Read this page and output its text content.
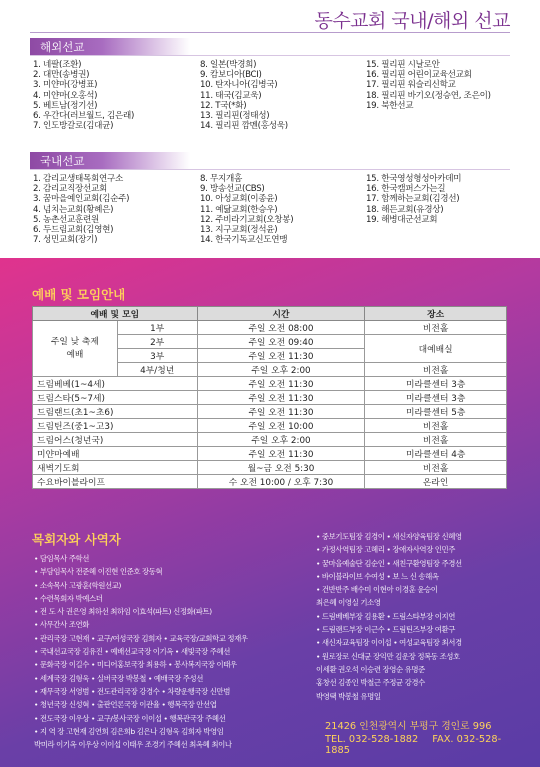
동수교회 국내/해외 선교
해외선교
1. 네팔(조환)
2. 대만(송병권)
3. 미얀마(강병표)
4. 미얀마(오홍석)
5. 베트남(정기선)
6. 우간다(러브월드, 김은래)
7. 인도방갈로(김대균)
8. 일본(박경희)
9. 캄보디아(BCI)
10. 탄자니아(김병국)
11. 태국(김교욱)
12. T국(*화)
13. 필리핀(정태성)
14. 필리핀 깜멘(홍성욱)
15. 필리핀 시날로안
16. 필리핀 어린이교육선교회
17. 필리핀 워슬리신학교
18. 필리핀 바기오(정승연, 조은이)
19. 북한선교
국내선교
1. 감리교생태목회연구소
2. 감리교직장선교회
3. 꿈마을예인교회(김순주)
4. 넘치는교회(황혜은)
5. 농촌선교훈련원
6. 두드림교회(김영현)
7. 성민교회(장기)
8. 무지개홈
9. 방송선교(CBS)
10. 아성교회(이종윤)
11. 예닮교회(한승우)
12. 주비라기교회(오창봉)
13. 지구교회(정석윤)
14. 한국기독교신도연맹
15. 한국영성형성아카데미
16. 한국캠퍼스가는길
17. 함께하는교회(김경선)
18. 해든교회(유경상)
19. 해병대군선교회
예배 및 모임안내
예배 및 모임		시간	장소
주일 낮 축제
예배	1부	주일 오전 08:00	비전홀
	2부	주일 오전 09:40	대예배실
	3부	주일 오전 11:30	
	4부/청년	주일 오후 2:00	비전홀
드림베베(1~4세)		주일 오전 11:30	미라클센터 3층
드림스타(5~7세)		주일 오전 11:30	미라클센터 3층
드림랜드(초1~초6)		주일 오전 11:30	미라클센터 5층
드림틴즈(중1~고3)		주일 오전 10:00	비전홀
드림어스(청년국)		주일 오후 2:00	비전홀
미얀마예배		주일 오전 11:30	미라클센터 4층
새벽기도회		월~금 오전 5:30	비전홀
수요바이블라이프		수 오전 10:00 / 오후 7:30	온라인
목회자와 사역자
• 담임목사 주학선
• 부담임목사 전준혜 이진현 인준호 장동혁
• 소속목사 고광훈(학원선교)
• 수련목회자 박예스더
• 전 도 사 권은영 최하선 최하임 이효석(파트) 신정화(파트)
• 사무간사 조연화
• 관리국장 고현재 • 교구/여성국장 김희자 • 교육국장/교회학교 정재우
• 국내선교국장 김유진 • 예배선교국장 이기옥 • 새빛국장 주혜선
• 문화국장 이길수 • 미디어홍보국장 최용하 • 봉사복지국장 이태우
• 세계국장 김형욱 • 실버국장 박봉철 • 예배국장 주성선
• 재무국장 서영범 • 전도관리국장 강경수 • 차량운행국장 신만범
• 청년국장 신성혁 • 출판언론국장 이관율 • 행복국장 안선엽
• 전도국장 이우상 • 교구/봉사국장 이이섭 • 행복관국장 주혜선
• 지 역 장 고현재 김연희 김은희b 김은나 김형욱 김희자 박영임
박미라 이기옥 이우상 이이섭 이태우 조경기 주혜선 최옥혜 최이나
• 중보기도팀장 김경이 • 새신자양육팀장 신혜영
• 가정사역팀장 고혜리 • 장애자사역장 인민주
• 꿈마을예술단 김순인 • 새친구환영팀장 주경선
• 바이블라이브 수여성 • 보 느 신 송해옥
• 건반반주 배수미 이현아 이경훈 윤승이
최은혜 이영실 기소영
• 드림베베부장 김용환 • 드림스타부장 이지연
• 드림랜드부장 이근수 • 드림틴즈부장 여환구
• 새신자교육팀장 이이섭 • 여성교육팀장 최서경
• 원로장로 신대균 장익만 김운장 정복동 조성호
이세환 권오석 이승련 장영순 유명준
홍창선 김종인 박철근 주정균 강경수
박영택 박봉철 유명일
21426 인천광역시 부평구 경인로 996
TEL. 032-528-1882 FAX. 032-528-1885
